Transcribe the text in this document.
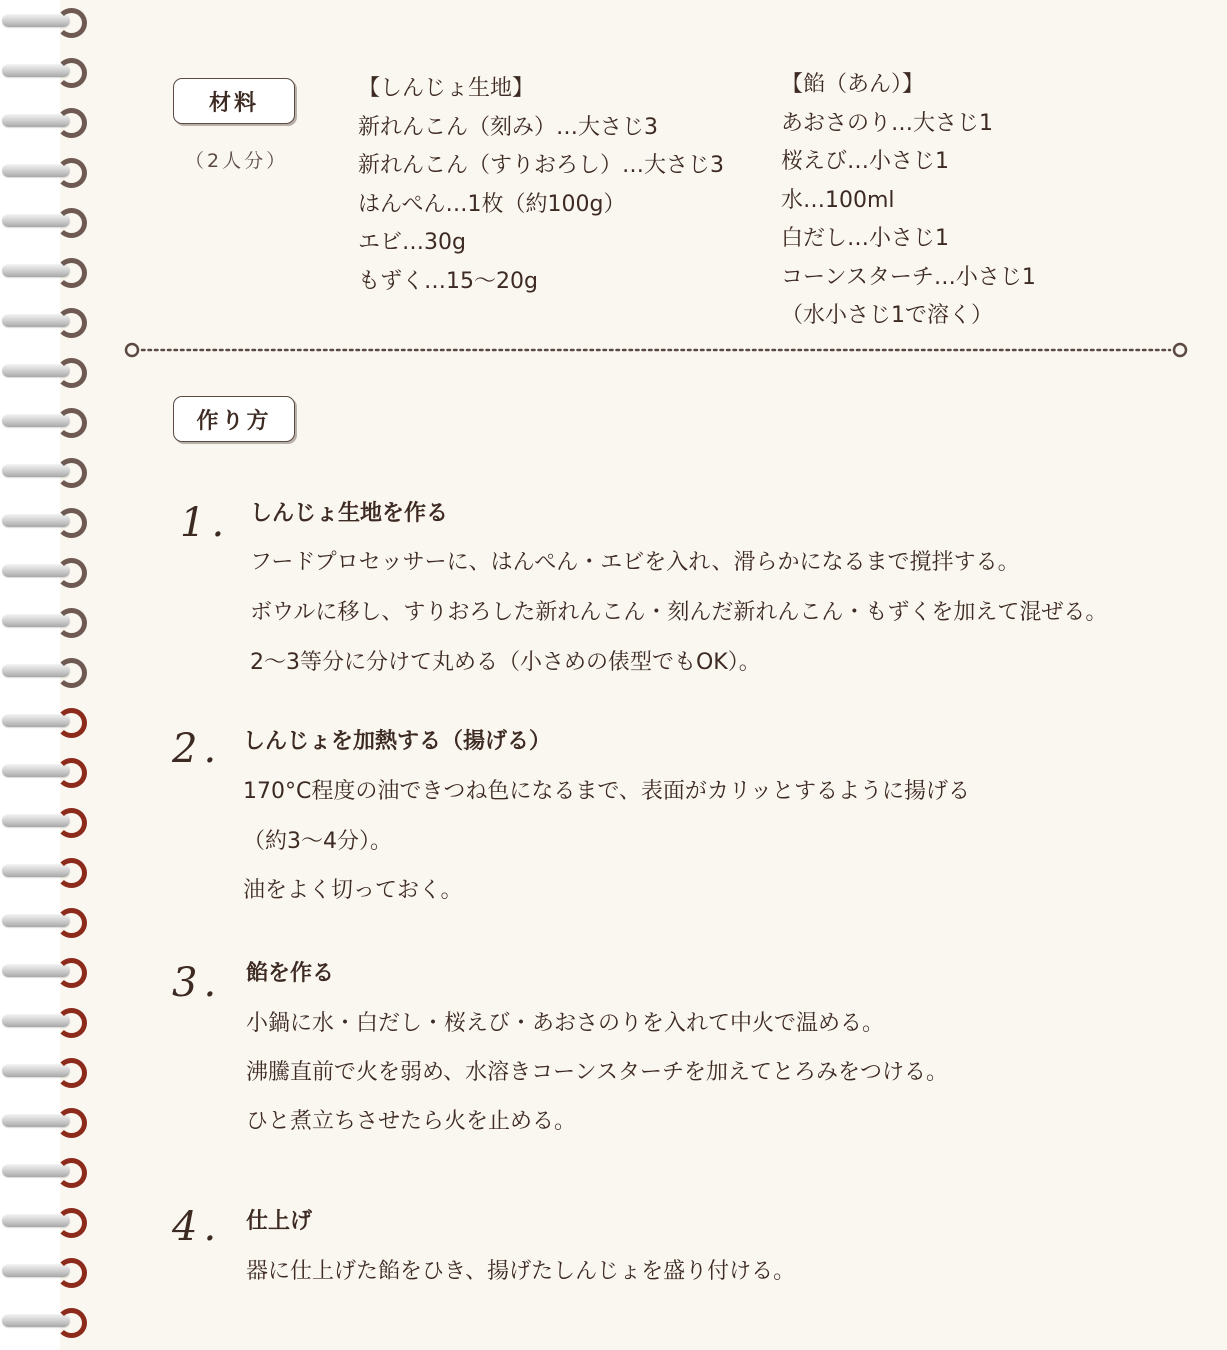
材料
（2人分）
【しんじょ生地】
新れんこん（刻み）…大さじ3
新れんこん（すりおろし）…大さじ3
はんぺん…1枚（約100g）
エビ…30g
もずく…15〜20g
【餡（あん）】
あおさのり…大さじ1
桜えび…小さじ1
水…100ml
白だし…小さじ1
コーンスターチ…小さじ1
（水小さじ1で溶く）
作り方
1. しんじょ生地を作る
フードプロセッサーに、はんぺん・エビを入れ、滑らかになるまで撹拌する。
ボウルに移し、すりおろした新れんこん・刻んだ新れんこん・もずくを加えて混ぜる。
2〜3等分に分けて丸める（小さめの俵型でもOK）。
2. しんじょを加熱する（揚げる）
170°C程度の油できつね色になるまで、表面がカリッとするように揚げる
（約3〜4分）。
油をよく切っておく。
3. 餡を作る
小鍋に水・白だし・桜えび・あおさのりを入れて中火で温める。
沸騰直前で火を弱め、水溶きコーンスターチを加えてとろみをつける。
ひと煮立ちさせたら火を止める。
4. 仕上げ
器に仕上げた餡をひき、揚げたしんじょを盛り付ける。
